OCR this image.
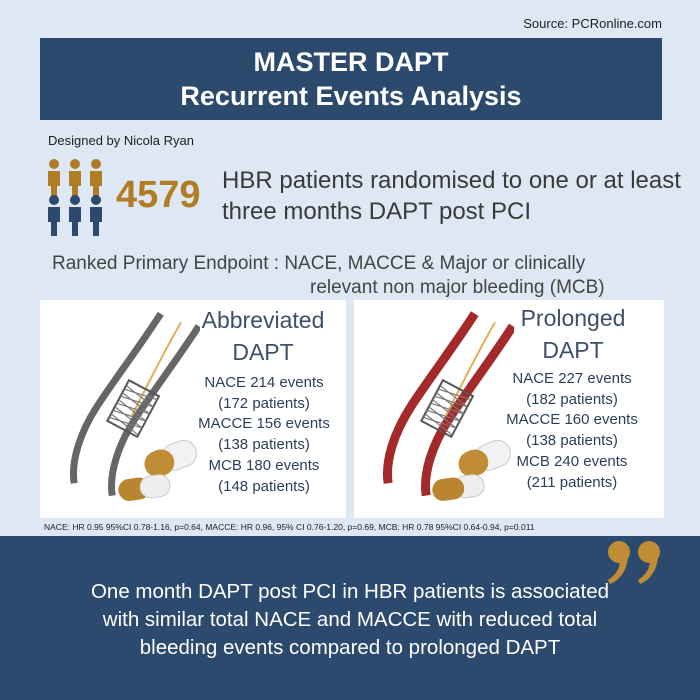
Source: PCRonline.com
MASTER DAPT
Recurrent Events Analysis
Designed by Nicola Ryan
4579 HBR patients randomised to one or at least three months DAPT post PCI
Ranked Primary Endpoint : NACE, MACCE & Major or clinically
relevant non major bleeding (MCB)
Abbreviated
DAPT
NACE 214 events
(172 patients)
MACCE 156 events
(138 patients)
MCB 180 events
(148 patients)
Prolonged
DAPT
NACE 227 events
(182 patients)
MACCE 160 events
(138 patients)
MCB 240 events
(211 patients)
NACE: HR 0.95 95%CI 0.78-1.16, p=0.64, MACCE: HR 0.96, 95% CI 0.76-1.20, p=0.69, MCB: HR 0.78 95%CI 0.64-0.94, p=0.011
One month DAPT post PCI in HBR patients is associated
with similar total NACE and MACCE with reduced total
bleeding events compared to prolonged DAPT
